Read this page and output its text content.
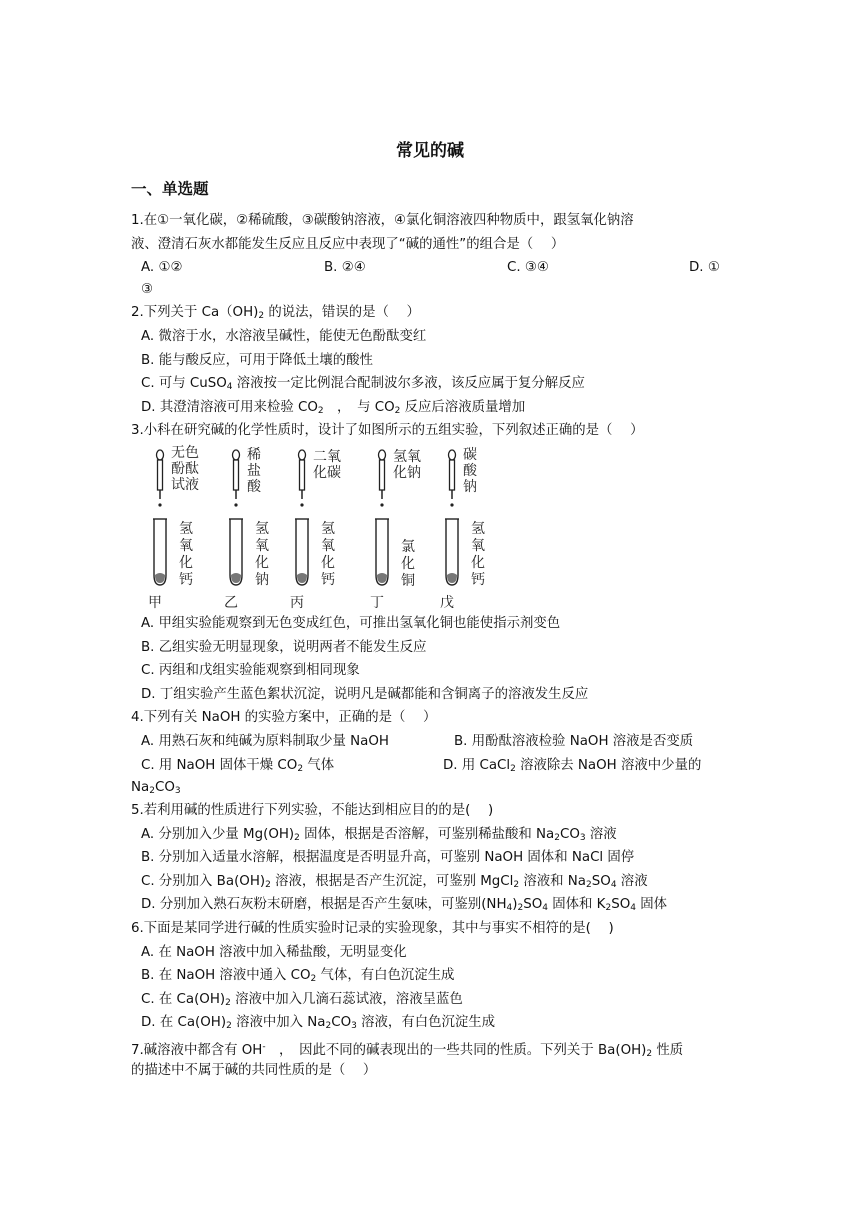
常见的碱
一、单选题
1.在①一氧化碳，②稀硫酸，③碳酸钠溶液，④氯化铜溶液四种物质中，跟氢氧化钠溶
液、澄清石灰水都能发生反应且反应中表现了“碱的通性”的组合是（　 ）
A. ①②	B. ②④	C. ③④	D. ①
③
2.下列关于 $Ca(OH)_2$ 的说法，错误的是（　 ）
A. 微溶于水，水溶液呈碱性，能使无色酚酞变红
B. 能与酸反应，可用于降低土壤的酸性
C. 可与 CuSO$_4$ 溶液按一定比例混合配制波尔多液，该反应属于复分解反应
D. 其澄清溶液可用来检验 $CO_2$　，　与 $CO_2$ 反应后溶液质量增加
3.小科在研究碱的化学性质时，设计了如图所示的五组实验，下列叙述正确的是（　 ）
无色
酚酞
试液
氢
氧
化
钙
甲
稀
盐
酸
氢
氧
化
钠
乙
二氧
化碳
氢
氧
化
钙
丙
氢氧
化钠
氯
化
铜
丁
碳
酸
钠
氢
氧
化
钙
戊
A. 甲组实验能观察到无色变成红色，可推出氢氧化铜也能使指示剂变色
B. 乙组实验无明显现象，说明两者不能发生反应
C. 丙组和戊组实验能观察到相同现象
D. 丁组实验产生蓝色絮状沉淀，说明凡是碱都能和含铜离子的溶液发生反应
4.下列有关 NaOH 的实验方案中，正确的是（　 ）
A. 用熟石灰和纯碱为原料制取少量 NaOH	B. 用酚酞溶液检验 NaOH 溶液是否变质
C. 用 NaOH 固体干燥 $CO_2$ 气体	D. 用 CaCl$_2$ 溶液除去 NaOH 溶液中少量的
$Na_2CO_3$
5.若利用碱的性质进行下列实验，不能达到相应目的的是(　 )
A. 分别加入少量 $Mg(OH)_2$ 固体，根据是否溶解，可鉴别稀盐酸和 $Na_2CO_3$ 溶液
B. 分别加入适量水溶解，根据温度是否明显升高，可鉴别 NaOH 固体和 NaCl 固停
C. 分别加入 $Ba(OH)_2$ 溶液，根据是否产生沉淀，可鉴别 MgCl$_2$ 溶液和 $Na_2SO_4$ 溶液
D. 分别加入熟石灰粉末研磨，根据是否产生氨味，可鉴别$(NH_4)_2SO_4$ 固体和 $K_2SO_4$ 固体
6.下面是某同学进行碱的性质实验时记录的实验现象，其中与事实不相符的是(　 )
A. 在 NaOH 溶液中加入稀盐酸，无明显变化
B. 在 NaOH 溶液中通入 $CO_2$ 气体，有白色沉淀生成
C. 在 $Ca(OH)_2$ 溶液中加入几滴石蕊试液，溶液呈蓝色
D. 在 $Ca(OH)_2$ 溶液中加入 $Na_2CO_3$ 溶液，有白色沉淀生成
7.碱溶液中都含有 OH-　，　因此不同的碱表现出的一些共同的性质。下列关于 $Ba(OH)_2$ 性质
的描述中不属于碱的共同性质的是（　 ）
